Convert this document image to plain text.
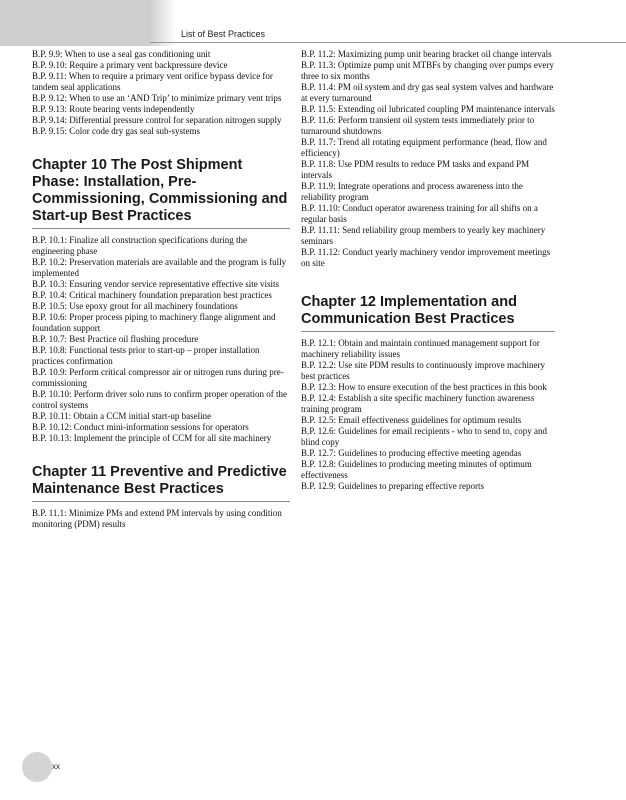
List of Best Practices

B.P. 9.9: When to use a seal gas conditioning unit

B.P. 9.10: Require a primary vent backpressure device

B.P. 9.11: When to require a primary vent orifice bypass device for tandem seal applications

B.P. 9.12: When to use an ‘AND Trip’ to minimize primary vent trips

B.P. 9.13: Route bearing vents independently

B.P. 9.14: Differential pressure control for separation nitrogen supply

B.P. 9.15: Color code dry gas seal sub-systems

Chapter 10 The Post Shipment Phase: Installation, Pre-Commissioning, Commissioning and Start-up Best Practices

B.P. 10.1: Finalize all construction specifications during the engineering phase

B.P. 10.2: Preservation materials are available and the program is fully implemented

B.P. 10.3: Ensuring vendor service representative effective site visits

B.P. 10.4: Critical machinery foundation preparation best practices

B.P. 10.5: Use epoxy grout for all machinery foundations

B.P. 10.6: Proper process piping to machinery flange alignment and foundation support

B.P. 10.7: Best Practice oil flushing procedure

B.P. 10.8: Functional tests prior to start-up – proper installation practices confirmation

B.P. 10.9: Perform critical compressor air or nitrogen runs during pre-commissioning

B.P. 10.10: Perform driver solo runs to confirm proper operation of the control systems

B.P. 10.11: Obtain a CCM initial start-up baseline

B.P. 10.12: Conduct mini-information sessions for operators

B.P. 10.13: Implement the principle of CCM for all site machinery

Chapter 11 Preventive and Predictive Maintenance Best Practices

B.P. 11.1: Minimize PMs and extend PM intervals by using condition monitoring (PDM) results

B.P. 11.2: Maximizing pump unit bearing bracket oil change intervals

B.P. 11.3: Optimize pump unit MTBFs by changing over pumps every three to six months

B.P. 11.4: PM oil system and dry gas seal system valves and hardware at every turnaround

B.P. 11.5: Extending oil lubricated coupling PM maintenance intervals

B.P. 11.6: Perform transient oil system tests immediately prior to turnaround shutdowns

B.P. 11.7: Trend all rotating equipment performance (head, flow and efficiency)

B.P. 11.8: Use PDM results to reduce PM tasks and expand PM intervals

B.P. 11.9: Integrate operations and process awareness into the reliability program

B.P. 11.10: Conduct operator awareness training for all shifts on a regular basis

B.P. 11.11: Send reliability group members to yearly key machinery seminars

B.P. 11.12: Conduct yearly machinery vendor improvement meetings on site

Chapter 12 Implementation and Communication Best Practices

B.P. 12.1: Obtain and maintain continued management support for machinery reliability issues

B.P. 12.2: Use site PDM results to continuously improve machinery best practices

B.P. 12.3: How to ensure execution of the best practices in this book

B.P. 12.4: Establish a site specific machinery function awareness training program

B.P. 12.5: Email effectiveness guidelines for optimum results

B.P. 12.6: Guidelines for email recipients - who to send to, copy and blind copy

B.P. 12.7: Guidelines to producing effective meeting agendas

B.P. 12.8: Guidelines to producing meeting minutes of optimum effectiveness

B.P. 12.9: Guidelines to preparing effective reports

xx
